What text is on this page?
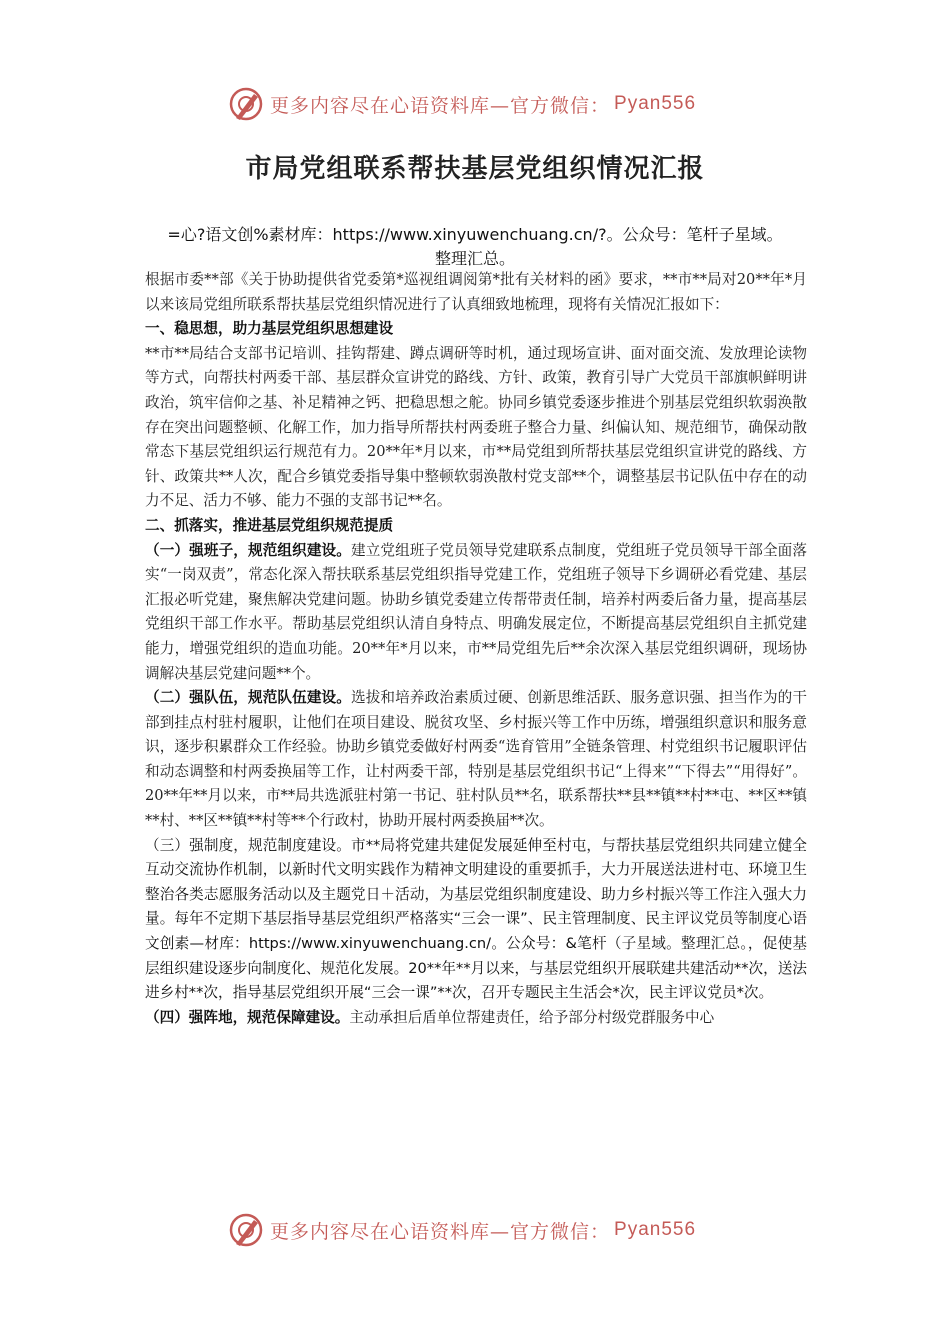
更多内容尽在心语资料库—官方微信： Pyan556
市局党组联系帮扶基层党组织情况汇报
=心?语文创%素材库：https://www.xinyuwenchuang.cn/?。公众号：笔杆子星域。
整理汇总。

根据市委**部《关于协助提供省党委第*巡视组调阅第*批有关材料的函》要求，**市**局对20**年*月以来该局党组所联系帮扶基层党组织情况进行了认真细致地梳理，现将有关情况汇报如下：

一、稳思想，助力基层党组织思想建设

**市**局结合支部书记培训、挂钩帮建、蹲点调研等时机，通过现场宣讲、面对面交流、发放理论读物等方式，向帮扶村两委干部、基层群众宣讲党的路线、方针、政策，教育引导广大党员干部旗帜鲜明讲政治，筑牢信仰之基、补足精神之钙、把稳思想之舵。协同乡镇党委逐步推进个别基层党组织软弱涣散存在突出问题整顿、化解工作，加力指导所帮扶村两委班子整合力量、纠偏认知、规范细节，确保动散常态下基层党组织运行规范有力。20**年*月以来，市**局党组到所帮扶基层党组织宣讲党的路线、方针、政策共**人次，配合乡镇党委指导集中整顿软弱涣散村党支部**个，调整基层书记队伍中存在的动力不足、活力不够、能力不强的支部书记**名。

二、抓落实，推进基层党组织规范提质

（一）强班子，规范组织建设。建立党组班子党员领导党建联系点制度，党组班子党员领导干部全面落实“一岗双责”，常态化深入帮扶联系基层党组织指导党建工作，党组班子领导下乡调研必看党建、基层汇报必听党建，聚焦解决党建问题。协助乡镇党委建立传帮带责任制，培养村两委后备力量，提高基层党组织干部工作水平。帮助基层党组织认清自身特点、明确发展定位，不断提高基层党组织自主抓党建能力，增强党组织的造血功能。20**年*月以来，市**局党组先后**余次深入基层党组织调研，现场协调解决基层党建问题**个。

（二）强队伍，规范队伍建设。选拔和培养政治素质过硬、创新思维活跃、服务意识强、担当作为的干部到挂点村驻村履职，让他们在项目建设、脱贫攻坚、乡村振兴等工作中历练，增强组织意识和服务意识，逐步积累群众工作经验。协助乡镇党委做好村两委“选育管用”全链条管理、村党组织书记履职评估和动态调整和村两委换届等工作，让村两委干部，特别是基层党组织书记“上得来”“下得去”“用得好”。20**年**月以来，市**局共选派驻村第一书记、驻村队员**名，联系帮扶**县**镇**村**屯、**区**镇**村、**区**镇**村等**个行政村，协助开展村两委换届**次。

（三）强制度，规范制度建设。市**局将党建共建促发展延伸至村屯，与帮扶基层党组织共同建立健全互动交流协作机制，以新时代文明实践作为精神文明建设的重要抓手，大力开展送法进村屯、环境卫生整治各类志愿服务活动以及主题党日＋活动，为基层党组织制度建设、助力乡村振兴等工作注入强大力量。每年不定期下基层指导基层党组织严格落实“三会一课”、民主管理制度、民主评议党员等制度心语文创素—材库：https://www.xinyuwenchuang.cn/。公众号：&笔杆（子星域。整理汇总。，促使基层组织建设逐步向制度化、规范化发展。20**年**月以来，与基层党组织开展联建共建活动**次，送法进乡村**次，指导基层党组织开展“三会一课”**次，召开专题民主生活会*次，民主评议党员*次。

（四）强阵地，规范保障建设。主动承担后盾单位帮建责任，给予部分村级党群服务中心

更多内容尽在心语资料库—官方微信： Pyan556
